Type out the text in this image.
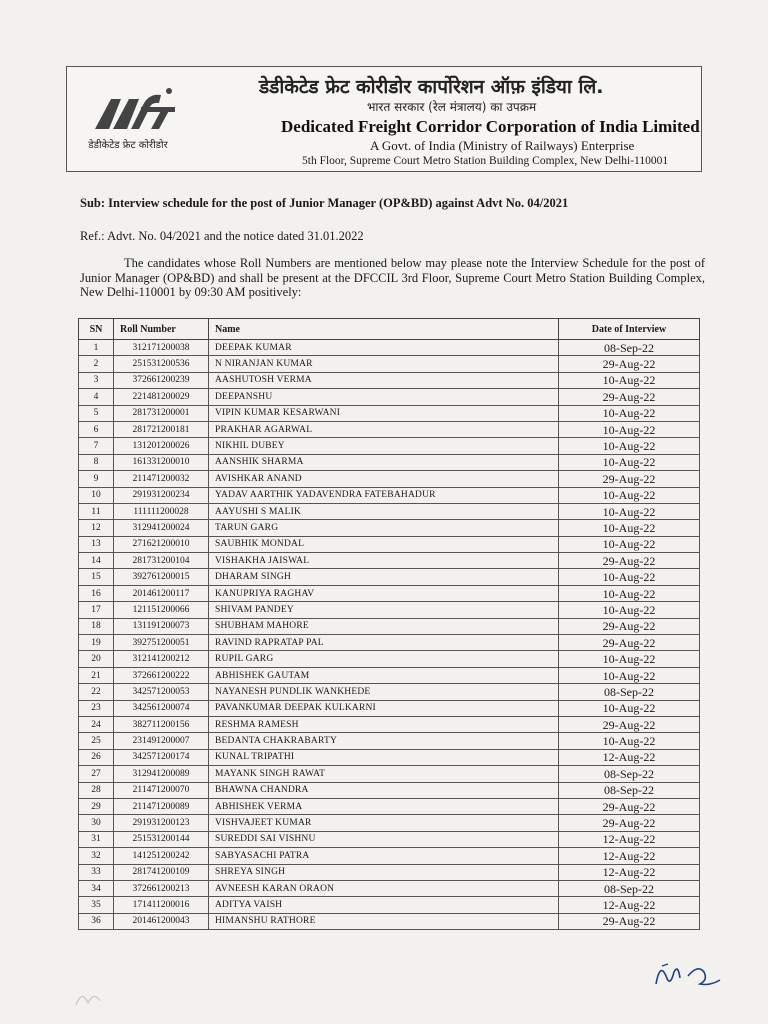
डेडीकेटेड फ्रेट कोरीडोर
डेडीकेटेड फ्रेट कोरीडोर कार्पोरेशन ऑफ़ इंडिया लि.
भारत सरकार (रेल मंत्रालय) का उपक्रम
Dedicated Freight Corridor Corporation of India Limited
A Govt. of India (Ministry of Railways) Enterprise
5th Floor, Supreme Court Metro Station Building Complex, New Delhi-110001
Sub: Interview schedule for the post of Junior Manager (OP&BD) against Advt No. 04/2021
Ref.: Advt. No. 04/2021 and the notice dated 31.01.2022
The candidates whose Roll Numbers are mentioned below may please note the Interview Schedule for the post of Junior Manager (OP&BD) and shall be present at the DFCCIL 3rd Floor, Supreme Court Metro Station Building Complex, New Delhi-110001 by 09:30 AM positively:
SN	Roll Number	Name	Date of Interview
1	312171200038	DEEPAK KUMAR	08-Sep-22
2	251531200536	N NIRANJAN KUMAR	29-Aug-22
3	372661200239	AASHUTOSH VERMA	10-Aug-22
4	221481200029	DEEPANSHU	29-Aug-22
5	281731200001	VIPIN KUMAR KESARWANI	10-Aug-22
6	281721200181	PRAKHAR AGARWAL	10-Aug-22
7	131201200026	NIKHIL DUBEY	10-Aug-22
8	161331200010	AANSHIK SHARMA	10-Aug-22
9	211471200032	AVISHKAR ANAND	29-Aug-22
10	291931200234	YADAV AARTHIK YADAVENDRA FATEBAHADUR	10-Aug-22
11	111111200028	AAYUSHI S MALIK	10-Aug-22
12	312941200024	TARUN GARG	10-Aug-22
13	271621200010	SAUBHIK MONDAL	10-Aug-22
14	281731200104	VISHAKHA JAISWAL	29-Aug-22
15	392761200015	DHARAM SINGH	10-Aug-22
16	201461200117	KANUPRIYA RAGHAV	10-Aug-22
17	121151200066	SHIVAM PANDEY	10-Aug-22
18	131191200073	SHUBHAM MAHORE	29-Aug-22
19	392751200051	RAVIND RAPRATAP PAL	29-Aug-22
20	312141200212	RUPIL GARG	10-Aug-22
21	372661200222	ABHISHEK GAUTAM	10-Aug-22
22	342571200053	NAYANESH PUNDLIK WANKHEDE	08-Sep-22
23	342561200074	PAVANKUMAR DEEPAK KULKARNI	10-Aug-22
24	382711200156	RESHMA RAMESH	29-Aug-22
25	231491200007	BEDANTA CHAKRABARTY	10-Aug-22
26	342571200174	KUNAL TRIPATHI	12-Aug-22
27	312941200089	MAYANK SINGH RAWAT	08-Sep-22
28	211471200070	BHAWNA CHANDRA	08-Sep-22
29	211471200089	ABHISHEK VERMA	29-Aug-22
30	291931200123	VISHVAJEET KUMAR	29-Aug-22
31	251531200144	SUREDDI SAI VISHNU	12-Aug-22
32	141251200242	SABYASACHI PATRA	12-Aug-22
33	281741200109	SHREYA SINGH	12-Aug-22
34	372661200213	AVNEESH KARAN ORAON	08-Sep-22
35	171411200016	ADITYA VAISH	12-Aug-22
36	201461200043	HIMANSHU RATHORE	29-Aug-22
